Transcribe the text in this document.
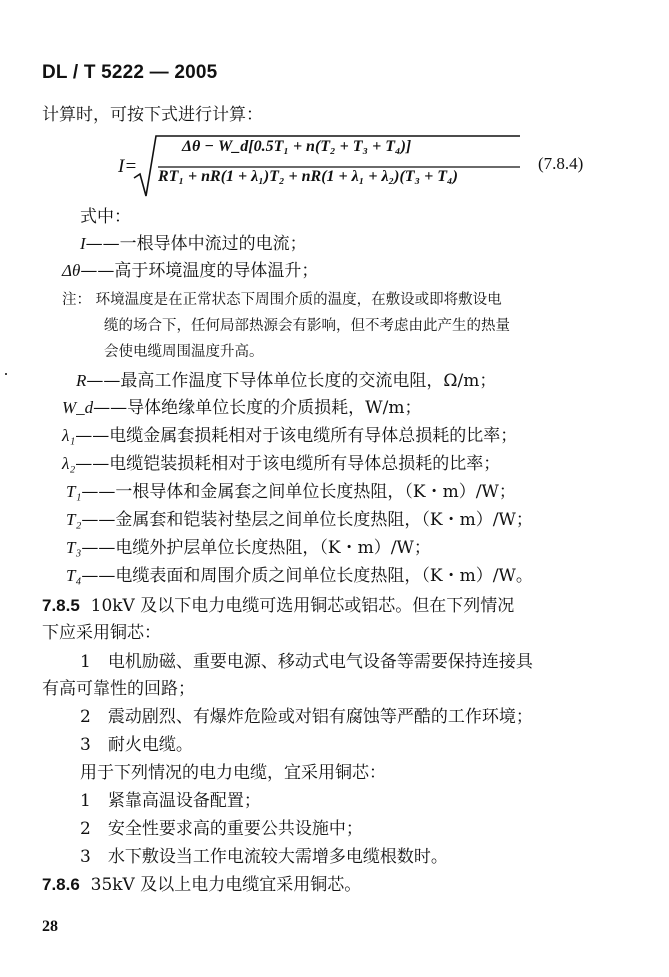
DL / T 5222 — 2005
计算时，可按下式进行计算：
I=
Δθ − W_d[0.5T₁ + n(T₂ + T₃ + T₄)]
RT₁ + nR(1 + λ₁)T₂ + nR(1 + λ₁ + λ₂)(T₃ + T₄)
(7.8.4)
式中：
I——一根导体中流过的电流；
Δθ——高于环境温度的导体温升；
注： 环境温度是在正常状态下周围介质的温度，在敷设或即将敷设电
缆的场合下，任何局部热源会有影响，但不考虑由此产生的热量
会使电缆周围温度升高。
R——最高工作温度下导体单位长度的交流电阻，Ω/m；
W_d——导体绝缘单位长度的介质损耗，W/m；
λ₁——电缆金属套损耗相对于该电缆所有导体总损耗的比率；
λ₂——电缆铠装损耗相对于该电缆所有导体总损耗的比率；
T₁——一根导体和金属套之间单位长度热阻，（K・m）/W；
T₂——金属套和铠装衬垫层之间单位长度热阻，（K・m）/W；
T₃——电缆外护层单位长度热阻，（K・m）/W；
T₄——电缆表面和周围介质之间单位长度热阻，（K・m）/W。
7.8.5 10kV 及以下电力电缆可选用铜芯或铝芯。但在下列情况
下应采用铜芯：
1　电机励磁、重要电源、移动式电气设备等需要保持连接具
有高可靠性的回路；
2　震动剧烈、有爆炸危险或对铝有腐蚀等严酷的工作环境；
3　耐火电缆。
用于下列情况的电力电缆，宜采用铜芯：
1　紧靠高温设备配置；
2　安全性要求高的重要公共设施中；
3　水下敷设当工作电流较大需增多电缆根数时。
7.8.6 35kV 及以上电力电缆宜采用铜芯。
28
